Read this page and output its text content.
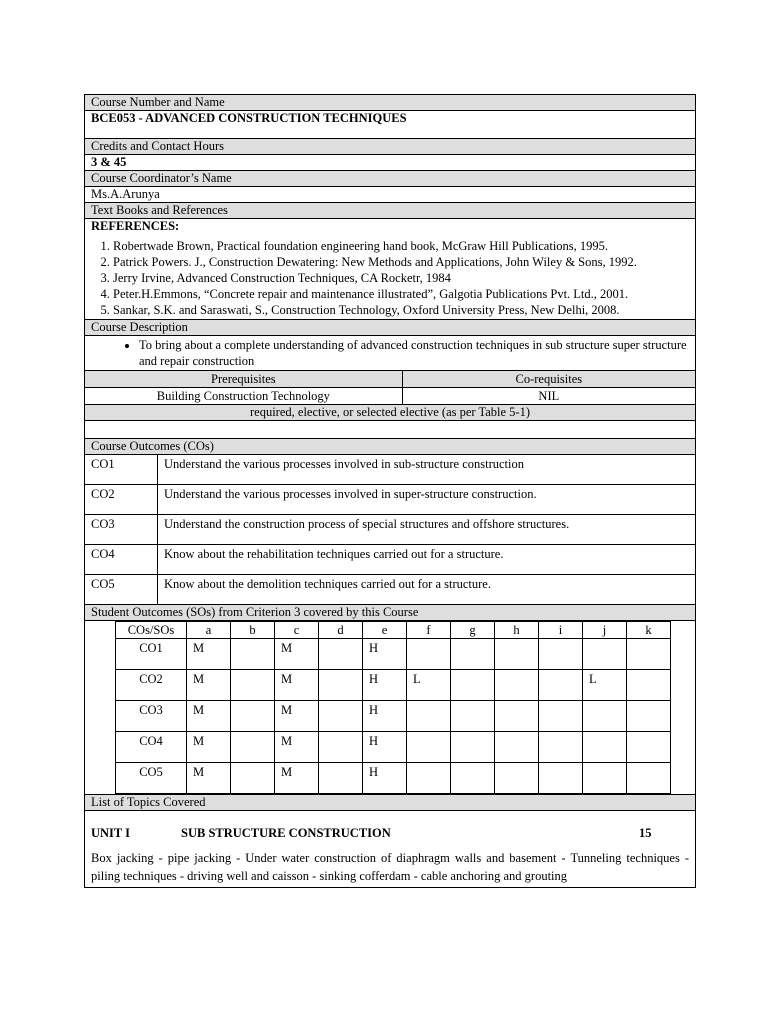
Course Number and Name
BCE053 - ADVANCED CONSTRUCTION TECHNIQUES
Credits and Contact Hours
3 & 45
Course Coordinator’s Name
Ms.A.Arunya
Text Books and References
REFERENCES:
1. Robertwade Brown, Practical foundation engineering hand book, McGraw Hill Publications, 1995.
2. Patrick Powers. J., Construction Dewatering: New Methods and Applications, John Wiley & Sons, 1992.
3. Jerry Irvine, Advanced Construction Techniques, CA Rocketr, 1984
4. Peter.H.Emmons, “Concrete repair and maintenance illustrated”, Galgotia Publications Pvt. Ltd., 2001.
5. Sankar, S.K. and Saraswati, S., Construction Technology, Oxford University Press, New Delhi, 2008.
Course Description
• To bring about a complete understanding of advanced construction techniques in sub structure super structure and repair construction
Prerequisites	Co-requisites
Building Construction Technology	NIL
required, elective, or selected elective (as per Table 5-1)
Course Outcomes (COs)
CO1	Understand the various processes involved in sub-structure construction
CO2	Understand the various processes involved in super-structure construction.
CO3	Understand the construction process of special structures and offshore structures.
CO4	Know about the rehabilitation techniques carried out for a structure.
CO5	Know about the demolition techniques carried out for a structure.
Student Outcomes (SOs) from Criterion 3 covered by this Course
COs/SOs	a	b	c	d	e	f	g	h	i	j	k
CO1	M		M		H						
CO2	M		M		H	L				L	
CO3	M		M		H						
CO4	M		M		H						
CO5	M		M		H						
List of Topics Covered
UNIT I	SUB STRUCTURE CONSTRUCTION	15
Box jacking - pipe jacking - Under water construction of diaphragm walls and basement - Tunneling techniques - piling techniques - driving well and caisson - sinking cofferdam - cable anchoring and grouting
